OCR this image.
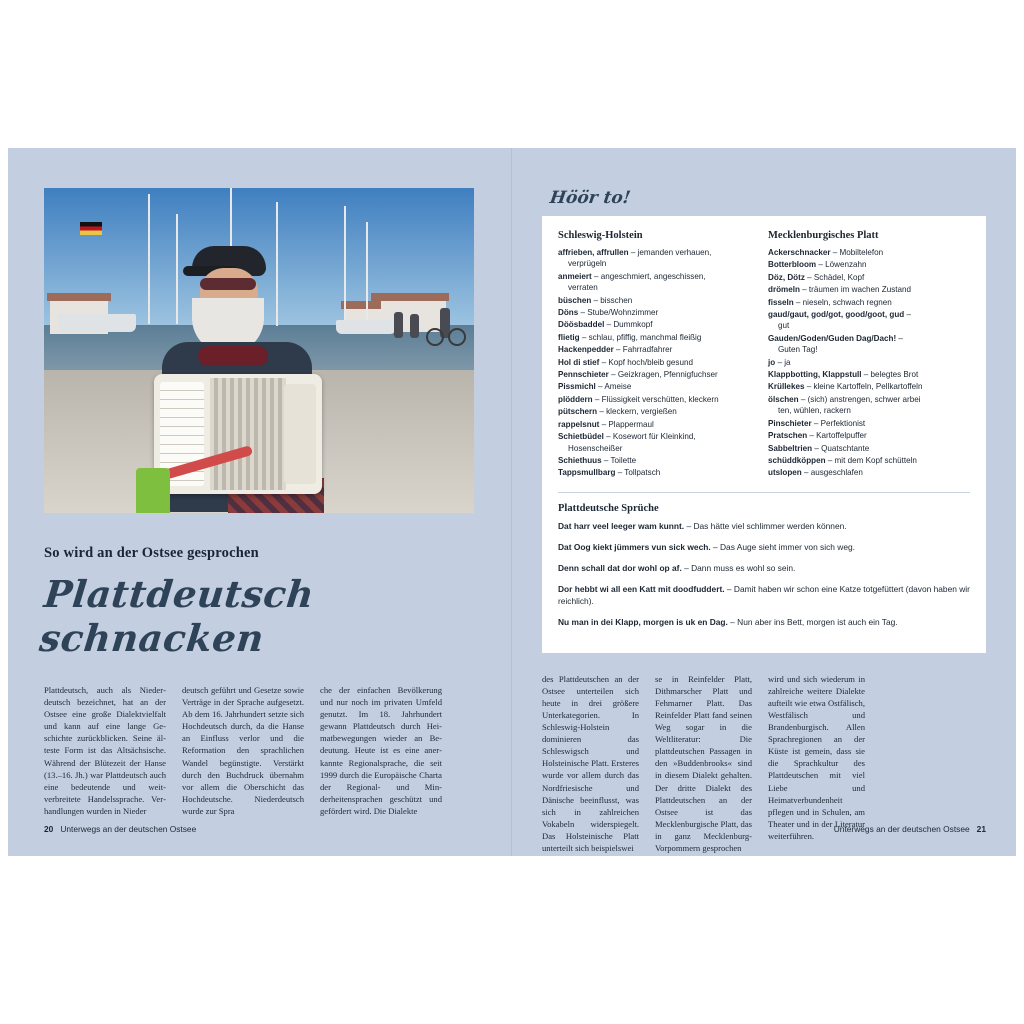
So wird an der Ostsee gesprochen
Plattdeutsch schnacken
Plattdeutsch, auch als Niederdeutsch bezeichnet, hat an der Ostsee eine große Dialektvielfalt und kann auf eine lange Geschichte zurückblicken. Seine älteste Form ist das Altsächsische. Während der Blütezeit der Hanse (13.–16. Jh.) war Plattdeutsch auch eine bedeutende und weitverbreitete Handelssprache. Verhandlungen wurden in Nieder
deutsch geführt und Gesetze sowie Verträge in der Sprache aufgesetzt. Ab dem 16. Jahrhundert setzte sich Hochdeutsch durch, da die Hanse an Einfluss verlor und die Reformation den sprachlichen Wandel begünstigte. Verstärkt durch den Buchdruck übernahm vor allem die Oberschicht das Hochdeutsche. Niederdeutsch wurde zur Spra
che der einfachen Bevölkerung und nur noch im privaten Umfeld genutzt. Im 18. Jahrhundert gewann Plattdeutsch durch Heimatbewegungen wieder an Bedeutung. Heute ist es eine anerkannte Regionalsprache, die seit 1999 durch die Europäische Charta der Regional- und Minderheitensprachen geschützt und gefördert wird. Die Dialekte
20 Unterwegs an der deutschen Ostsee
Höör to!
Schleswig-Holstein
affrieben, affrullen – jemanden verhauen,
verprügeln
anmeiert – angeschmiert, angeschissen,
verraten
büschen – bisschen
Döns – Stube/Wohnzimmer
Döösbaddel – Dummkopf
flietig – schlau, pfiffig, manchmal fleißig
Hackenpedder – Fahrradfahrer
Hol di stief – Kopf hoch/bleib gesund
Pennschieter – Geizkragen, Pfennigfuchser
Pissmichl – Ameise
plöddern – Flüssigkeit verschütten, kleckern
pütschern – kleckern, vergießen
rappelsnut – Plappermaul
Schietbüdel – Kosewort für Kleinkind,
Hosenscheißer
Schiethuus – Toilette
Tappsmullbarg – Tollpatsch
Mecklenburgisches Platt
Ackerschnacker – Mobiltelefon
Botterbloom – Löwenzahn
Döz, Dötz – Schädel, Kopf
drömeln – träumen im wachen Zustand
fisseln – nieseln, schwach regnen
gaud/gaut, god/got, good/goot, gud –
gut
Gauden/Goden/Guden Dag/Dach! –
Guten Tag!
jo – ja
Klappbotting, Klappstull – belegtes Brot
Krüllekes – kleine Kartoffeln, Pellkartoffeln
ölschen – (sich) anstrengen, schwer arbei
ten, wühlen, rackern
Pinschieter – Perfektionist
Pratschen – Kartoffelpuffer
Sabbeltrien – Quatschtante
schüddköppen – mit dem Kopf schütteln
utslopen – ausgeschlafen
Plattdeutsche Sprüche
Dat harr veel leeger wam kunnt. – Das hätte viel schlimmer werden können.
Dat Oog kiekt jümmers vun sick wech. – Das Auge sieht immer von sich weg.
Denn schall dat dor wohl op af. – Dann muss es wohl so sein.
Dor hebbt wi all een Katt mit doodfuddert. – Damit haben wir schon eine Katze totgefüttert (davon haben wir reichlich).
Nu man in dei Klapp, morgen is uk en Dag. – Nun aber ins Bett, morgen ist auch ein Tag.
des Plattdeutschen an der Ostsee unterteilen sich heute in drei größere Unterkategorien. In Schleswig-Holstein dominieren das Schleswigsch und Holsteinische Platt. Ersteres wurde vor allem durch das Nordfriesische und Dänische beeinflusst, was sich in zahlreichen Vokabeln widerspiegelt. Das Holsteinische Platt unterteilt sich beispielswei
se in Reinfelder Platt, Dithmarscher Platt und Fehmarner Platt. Das Reinfelder Platt fand seinen Weg sogar in die Weltliteratur: Die plattdeutschen Passagen in den »Buddenbrooks« sind in diesem Dialekt gehalten. Der dritte Dialekt des Plattdeutschen an der Ostsee ist das Mecklenburgische Platt, das in ganz Mecklenburg-Vorpommern gesprochen
wird und sich wiederum in zahlreiche weitere Dialekte aufteilt wie etwa Ostfälisch, Westfälisch und Brandenburgisch. Allen Sprachregionen an der Küste ist gemein, dass sie die Sprachkultur des Plattdeutschen mit viel Liebe und Heimatverbundenheit pflegen und in Schulen, am Theater und in der Literatur weiterführen.
Unterwegs an der deutschen Ostsee 21
